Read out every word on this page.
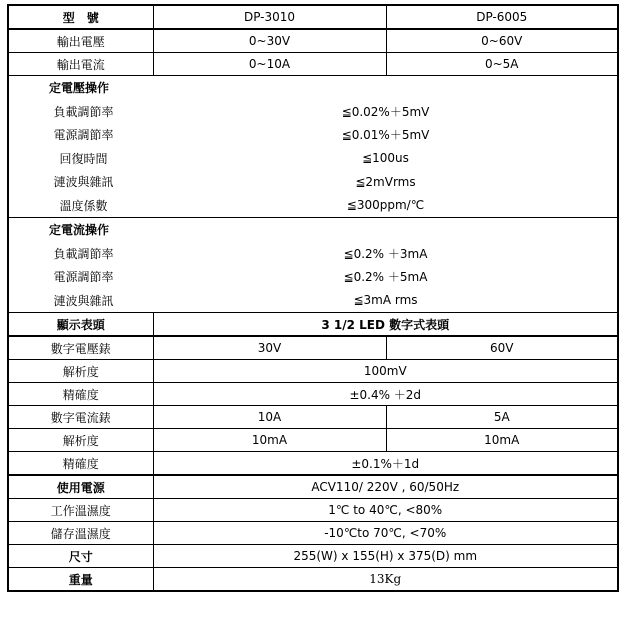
型　號	DP-3010	DP-6005
輸出電壓	0~30V	0~60V
輸出電流	0~10A	0~5A

定電壓操作	
負載調節率	≦0.02%＋5mV
電源調節率	≦0.01%＋5mV
回復時間	≦100us
漣波與雜訊	≦2mVrms
溫度係數	≦300ppm/℃

定電流操作	
負載調節率	≦0.2% ＋3mA
電源調節率	≦0.2% ＋5mA
漣波與雜訊	≦3mA rms

顯示表頭	3 1/2 LED 數字式表頭
數字電壓錶	30V	60V
解析度	100mV
精確度	±0.4% ＋2d
數字電流錶	10A	5A
解析度	10mA	10mA
精確度	±0.1%＋1d
使用電源	ACV110/ 220V , 60/50Hz
工作溫濕度	1℃ to 40℃, <80%
儲存溫濕度	-10℃to 70℃, <70%
尺寸	255(W) x 155(H) x 375(D) mm
重量	13Kg
